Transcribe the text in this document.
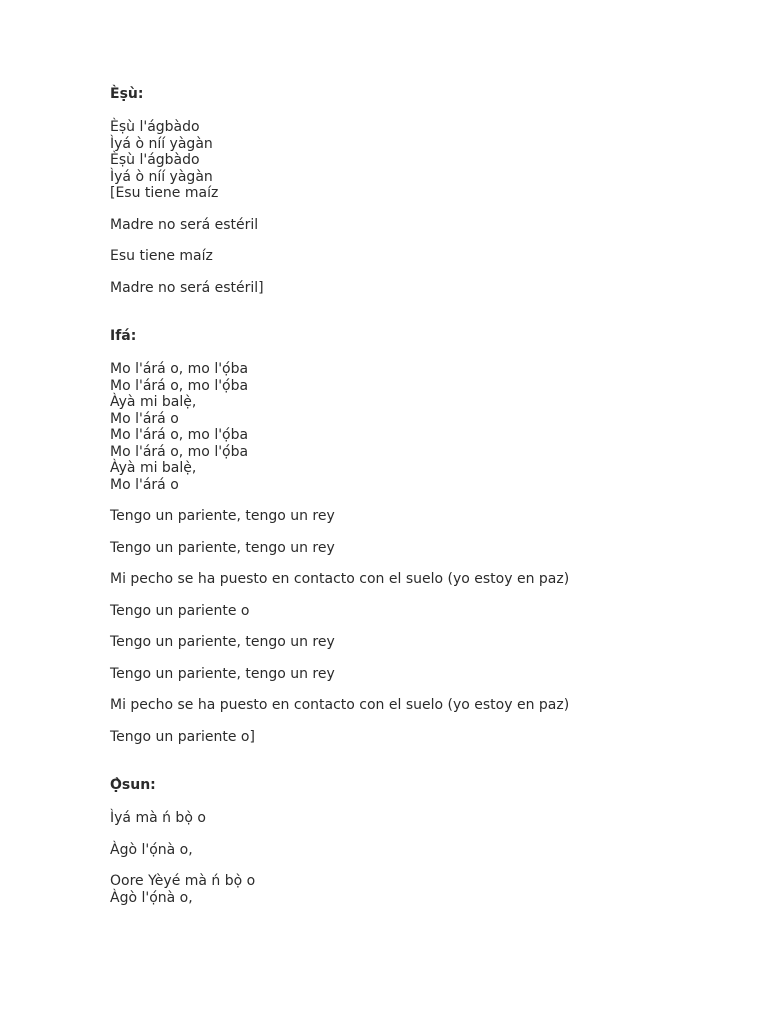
Èṣù:

Èṣù l'ágbàdo

Ìyá ò níí yàgàn

Èṣù l'ágbàdo

Ìyá ò níí yàgàn

[Esu tiene maíz

Madre no será estéril

Esu tiene maíz

Madre no será estéril]

Ifá:

Mo l'árá o, mo l'ọ́ba

Mo l'árá o, mo l'ọ́ba

Àyà mi balẹ̀,

Mo l'árá o

Mo l'árá o, mo l'ọ́ba

Mo l'árá o, mo l'ọ́ba

Àyà mi balẹ̀,

Mo l'árá o

Tengo un pariente, tengo un rey

Tengo un pariente, tengo un rey

Mi pecho se ha puesto en contacto con el suelo (yo estoy en paz)

Tengo un pariente o

Tengo un pariente, tengo un rey

Tengo un pariente, tengo un rey

Mi pecho se ha puesto en contacto con el suelo (yo estoy en paz)

Tengo un pariente o]

Ọ̀sun:

Ìyá mà ń bọ̀ o

Àgò l'ọ́nà o,

Oore Yèyé mà ń bọ̀ o

Àgò l'ọ́nà o,
